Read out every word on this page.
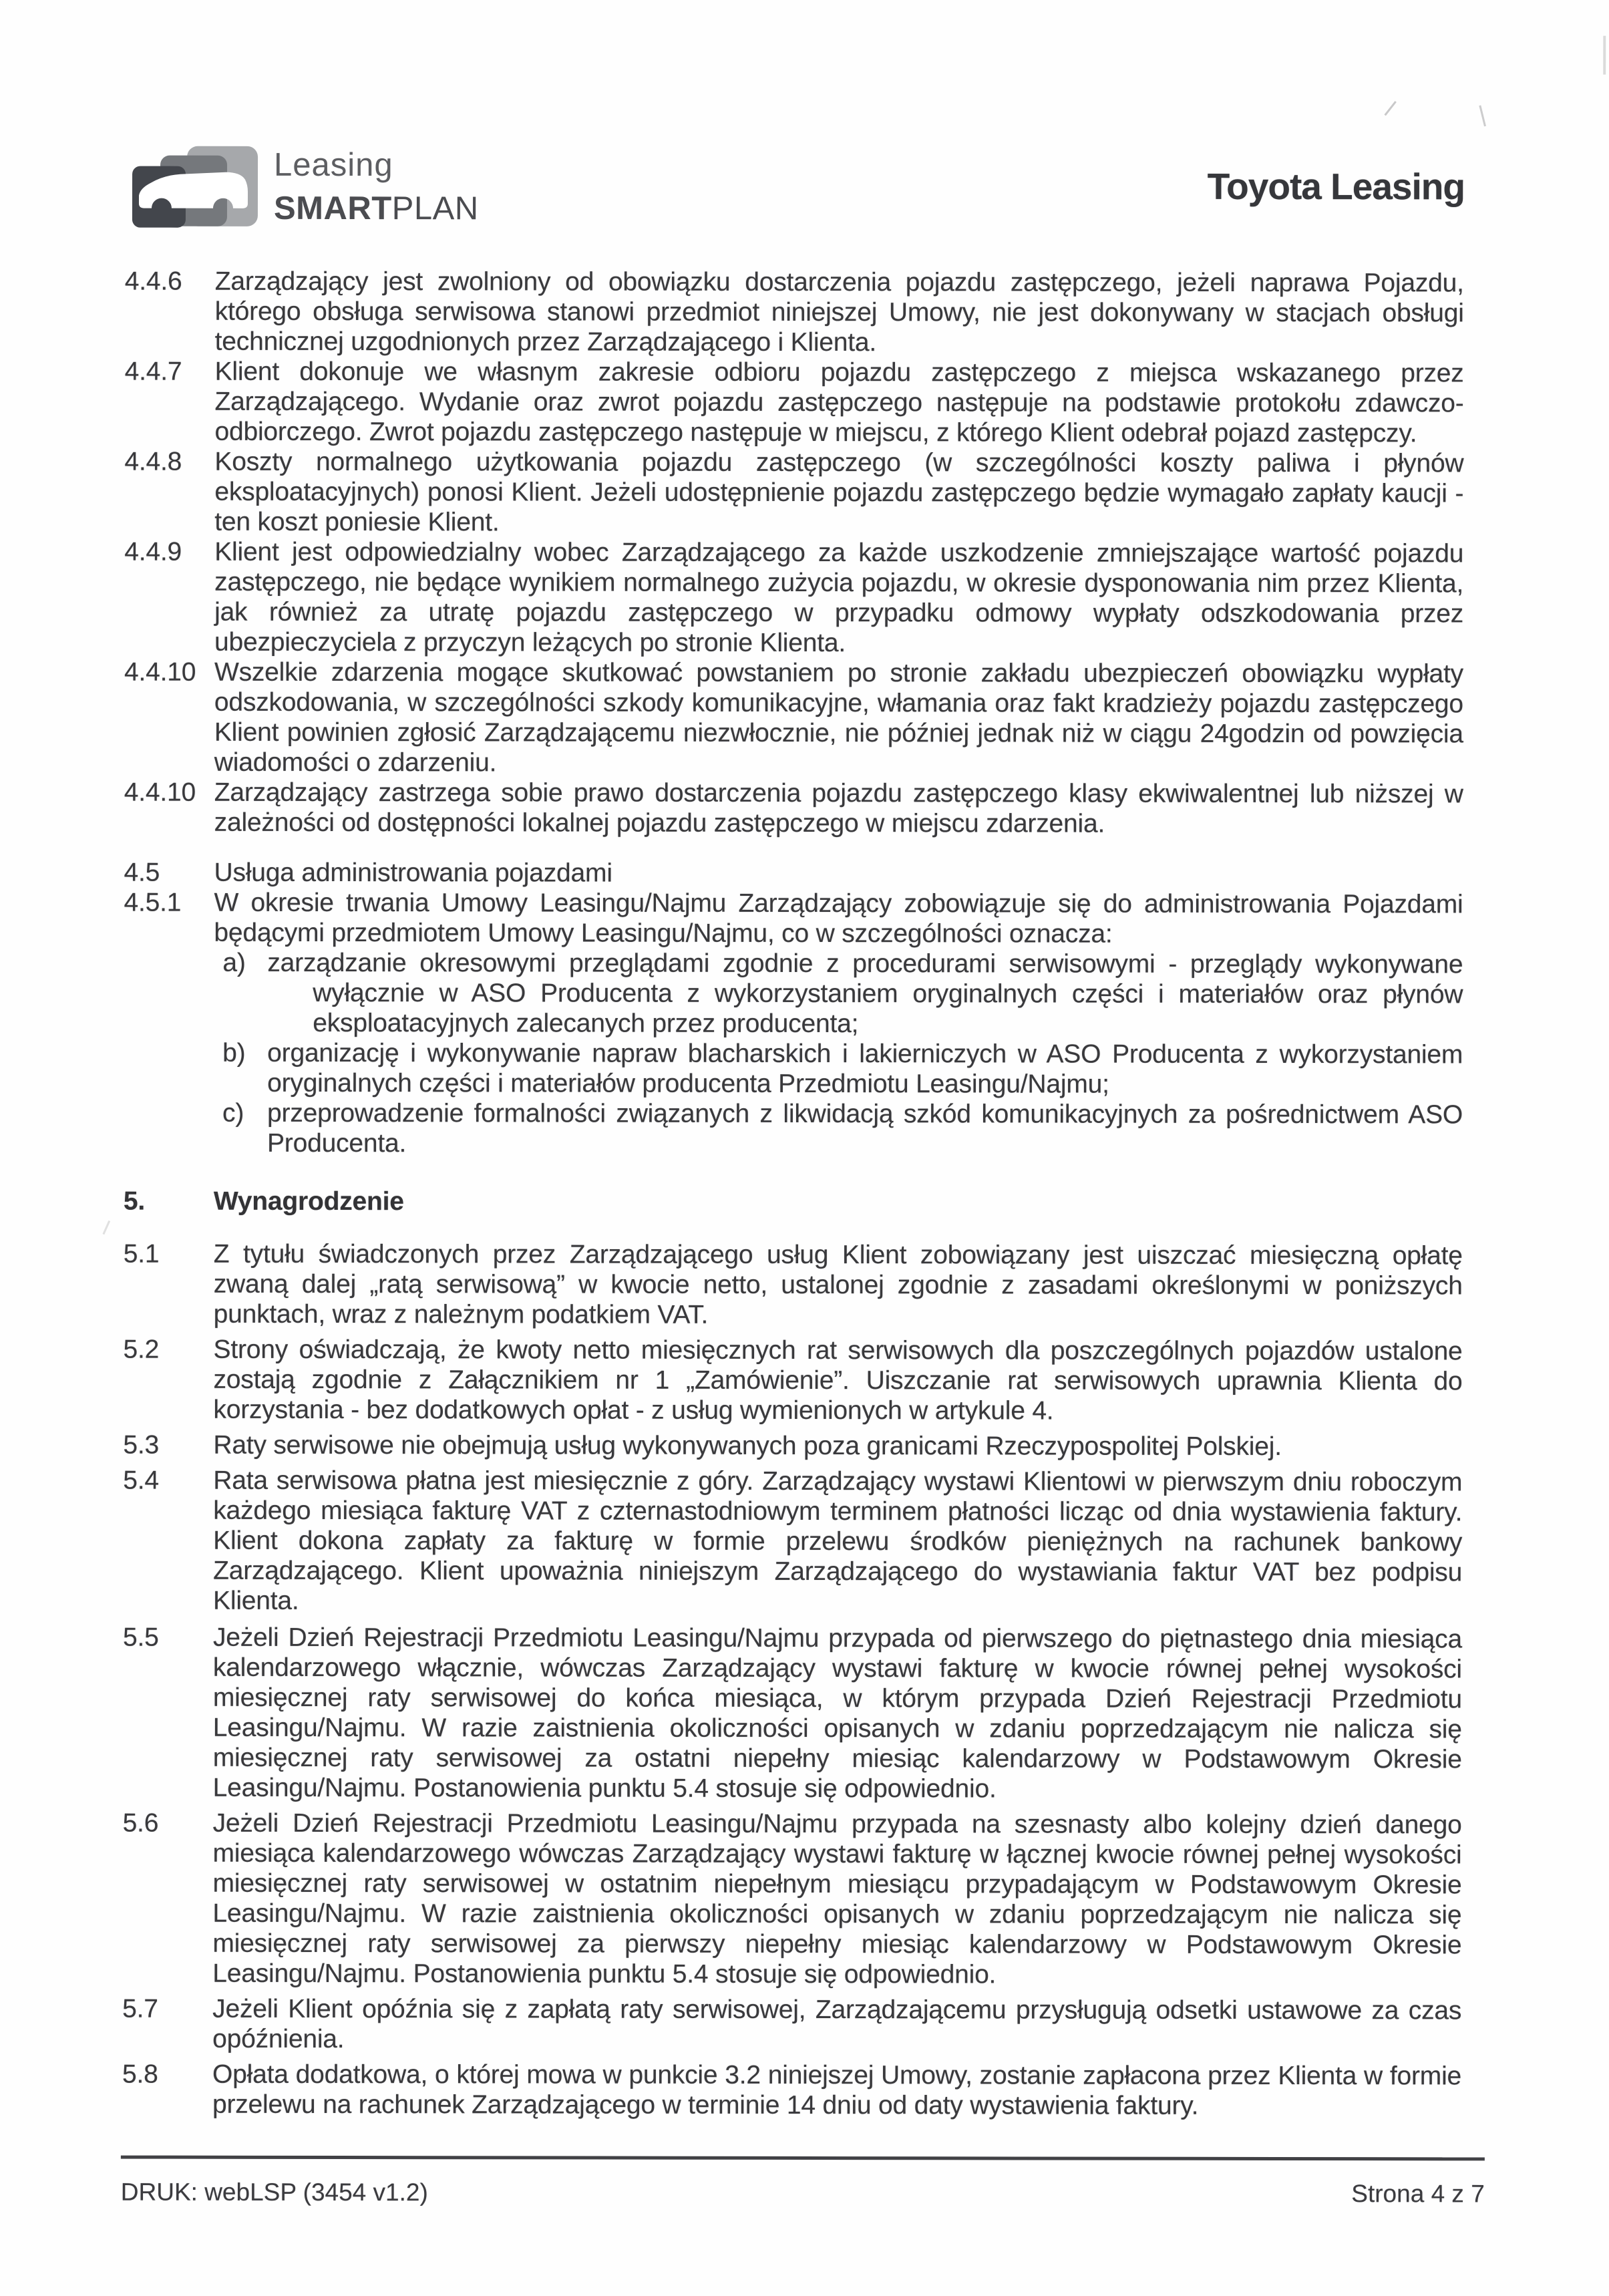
Leasing
SMARTPLAN
Toyota Leasing
4.4.6	Zarządzający jest zwolniony od obowiązku dostarczenia pojazdu zastępczego, jeżeli naprawa Pojazdu, którego obsługa serwisowa stanowi przedmiot niniejszej Umowy, nie jest dokonywany w stacjach obsługi technicznej uzgodnionych przez Zarządzającego i Klienta.
4.4.7	Klient dokonuje we własnym zakresie odbioru pojazdu zastępczego z miejsca wskazanego przez Zarządzającego. Wydanie oraz zwrot pojazdu zastępczego następuje na podstawie protokołu zdawczo-odbiorczego. Zwrot pojazdu zastępczego następuje w miejscu, z którego Klient odebrał pojazd zastępczy.
4.4.8	Koszty normalnego użytkowania pojazdu zastępczego (w szczególności koszty paliwa i płynów eksploatacyjnych) ponosi Klient. Jeżeli udostępnienie pojazdu zastępczego będzie wymagało zapłaty kaucji - ten koszt poniesie Klient.
4.4.9	Klient jest odpowiedzialny wobec Zarządzającego za każde uszkodzenie zmniejszające wartość pojazdu zastępczego, nie będące wynikiem normalnego zużycia pojazdu, w okresie dysponowania nim przez Klienta, jak również za utratę pojazdu zastępczego w przypadku odmowy wypłaty odszkodowania przez ubezpieczyciela z przyczyn leżących po stronie Klienta.
4.4.10 Wszelkie zdarzenia mogące skutkować powstaniem po stronie zakładu ubezpieczeń obowiązku wypłaty odszkodowania, w szczególności szkody komunikacyjne, włamania oraz fakt kradzieży pojazdu zastępczego Klient powinien zgłosić Zarządzającemu niezwłocznie, nie później jednak niż w ciągu 24godzin od powzięcia wiadomości o zdarzeniu.
4.4.10 Zarządzający zastrzega sobie prawo dostarczenia pojazdu zastępczego klasy ekwiwalentnej lub niższej w zależności od dostępności lokalnej pojazdu zastępczego w miejscu zdarzenia.
4.5	Usługa administrowania pojazdami
4.5.1	W okresie trwania Umowy Leasingu/Najmu Zarządzający zobowiązuje się do administrowania Pojazdami będącymi przedmiotem Umowy Leasingu/Najmu, co w szczególności oznacza:
a) zarządzanie okresowymi przeglądami zgodnie z procedurami serwisowymi - przeglądy wykonywane wyłącznie w ASO Producenta z wykorzystaniem oryginalnych części i materiałów oraz płynów eksploatacyjnych zalecanych przez producenta;
b) organizację i wykonywanie napraw blacharskich i lakierniczych w ASO Producenta z wykorzystaniem oryginalnych części i materiałów producenta Przedmiotu Leasingu/Najmu;
c) przeprowadzenie formalności związanych z likwidacją szkód komunikacyjnych za pośrednictwem ASO Producenta.
5.	Wynagrodzenie
5.1	Z tytułu świadczonych przez Zarządzającego usług Klient zobowiązany jest uiszczać miesięczną opłatę zwaną dalej „ratą serwisową” w kwocie netto, ustalonej zgodnie z zasadami określonymi w poniższych punktach, wraz z należnym podatkiem VAT.
5.2	Strony oświadczają, że kwoty netto miesięcznych rat serwisowych dla poszczególnych pojazdów ustalone zostają zgodnie z Załącznikiem nr 1 „Zamówienie”. Uiszczanie rat serwisowych uprawnia Klienta do korzystania - bez dodatkowych opłat - z usług wymienionych w artykule 4.
5.3	Raty serwisowe nie obejmują usług wykonywanych poza granicami Rzeczypospolitej Polskiej.
5.4	Rata serwisowa płatna jest miesięcznie z góry. Zarządzający wystawi Klientowi w pierwszym dniu roboczym każdego miesiąca fakturę VAT z czternastodniowym terminem płatności licząc od dnia wystawienia faktury. Klient dokona zapłaty za fakturę w formie przelewu środków pieniężnych na rachunek bankowy Zarządzającego. Klient upoważnia niniejszym Zarządzającego do wystawiania faktur VAT bez podpisu Klienta.
5.5	Jeżeli Dzień Rejestracji Przedmiotu Leasingu/Najmu przypada od pierwszego do piętnastego dnia miesiąca kalendarzowego włącznie, wówczas Zarządzający wystawi fakturę w kwocie równej pełnej wysokości miesięcznej raty serwisowej do końca miesiąca, w którym przypada Dzień Rejestracji Przedmiotu Leasingu/Najmu. W razie zaistnienia okoliczności opisanych w zdaniu poprzedzającym nie nalicza się miesięcznej raty serwisowej za ostatni niepełny miesiąc kalendarzowy w Podstawowym Okresie Leasingu/Najmu. Postanowienia punktu 5.4 stosuje się odpowiednio.
5.6	Jeżeli Dzień Rejestracji Przedmiotu Leasingu/Najmu przypada na szesnasty albo kolejny dzień danego miesiąca kalendarzowego wówczas Zarządzający wystawi fakturę w łącznej kwocie równej pełnej wysokości miesięcznej raty serwisowej w ostatnim niepełnym miesiącu przypadającym w Podstawowym Okresie Leasingu/Najmu. W razie zaistnienia okoliczności opisanych w zdaniu poprzedzającym nie nalicza się miesięcznej raty serwisowej za pierwszy niepełny miesiąc kalendarzowy w Podstawowym Okresie Leasingu/Najmu. Postanowienia punktu 5.4 stosuje się odpowiednio.
5.7	Jeżeli Klient opóźnia się z zapłatą raty serwisowej, Zarządzającemu przysługują odsetki ustawowe za czas opóźnienia.
5.8	Opłata dodatkowa, o której mowa w punkcie 3.2 niniejszej Umowy, zostanie zapłacona przez Klienta w formie przelewu na rachunek Zarządzającego w terminie 14 dniu od daty wystawienia faktury.
DRUK: webLSP (3454 v1.2)	Strona 4 z 7
